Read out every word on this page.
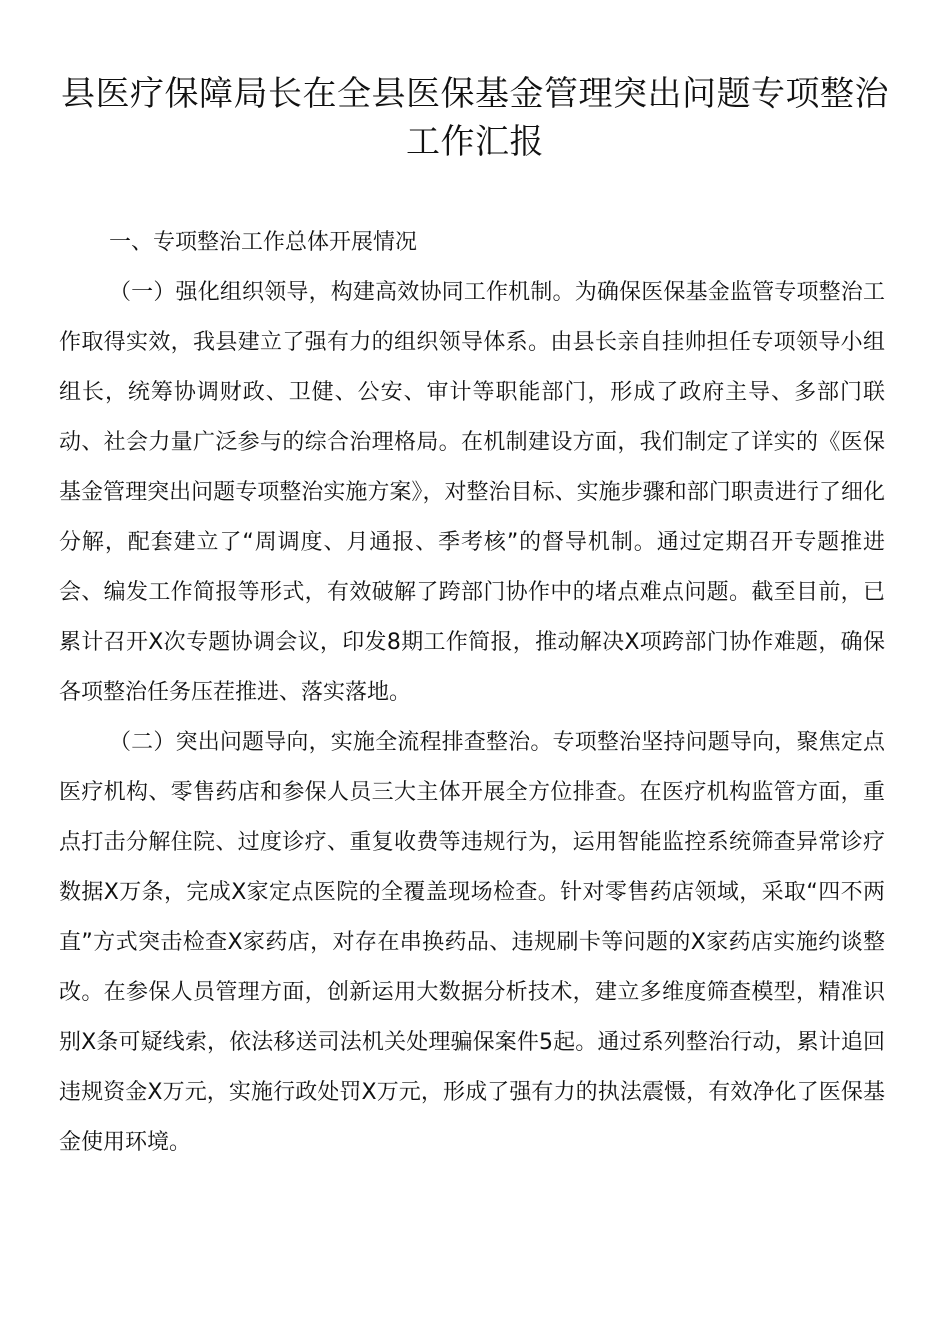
县医疗保障局长在全县医保基金管理突出问题专项整治工作汇报

一、专项整治工作总体开展情况

（一）强化组织领导，构建高效协同工作机制。为确保医保基金监管专项整治工作取得实效，我县建立了强有力的组织领导体系。由县长亲自挂帅担任专项领导小组组长，统筹协调财政、卫健、公安、审计等职能部门，形成了政府主导、多部门联动、社会力量广泛参与的综合治理格局。在机制建设方面，我们制定了详实的《医保基金管理突出问题专项整治实施方案》，对整治目标、实施步骤和部门职责进行了细化分解，配套建立了“周调度、月通报、季考核”的督导机制。通过定期召开专题推进会、编发工作简报等形式，有效破解了跨部门协作中的堵点难点问题。截至目前，已累计召开X次专题协调会议，印发8期工作简报，推动解决X项跨部门协作难题，确保各项整治任务压茬推进、落实落地。

（二）突出问题导向，实施全流程排查整治。专项整治坚持问题导向，聚焦定点医疗机构、零售药店和参保人员三大主体开展全方位排查。在医疗机构监管方面，重点打击分解住院、过度诊疗、重复收费等违规行为，运用智能监控系统筛查异常诊疗数据X万条，完成X家定点医院的全覆盖现场检查。针对零售药店领域，采取“四不两直”方式突击检查X家药店，对存在串换药品、违规刷卡等问题的X家药店实施约谈整改。在参保人员管理方面，创新运用大数据分析技术，建立多维度筛查模型，精准识别X条可疑线索，依法移送司法机关处理骗保案件5起。通过系列整治行动，累计追回违规资金X万元，实施行政处罚X万元，形成了强有力的执法震慑，有效净化了医保基金使用环境。
